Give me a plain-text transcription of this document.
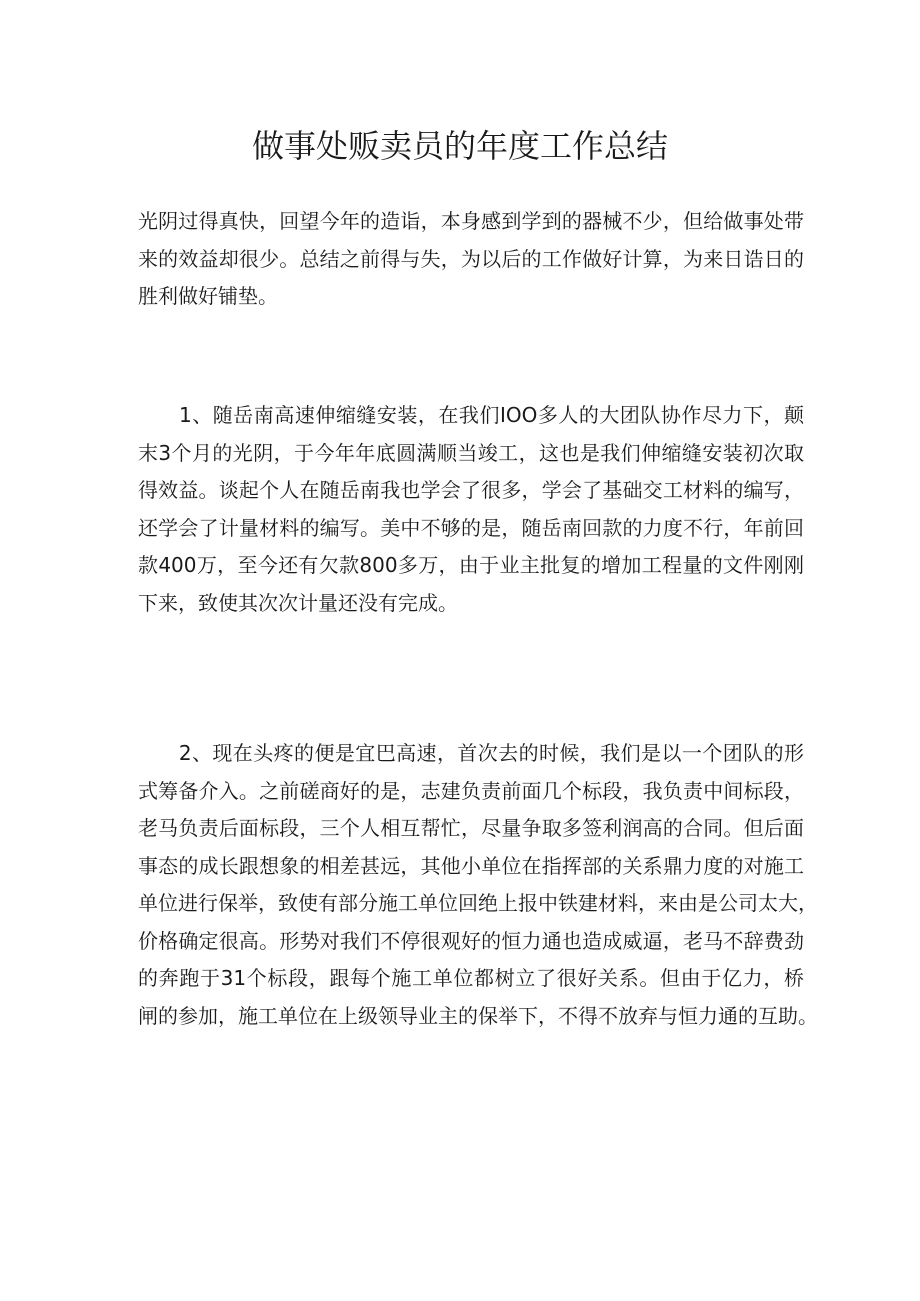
做事处贩卖员的年度工作总结
光阴过得真快，回望今年的造诣，本身感到学到的器械不少，但给做事处带
来的效益却很少。总结之前得与失，为以后的工作做好计算，为来日诰日的
胜利做好铺垫。
　　1、随岳南高速伸缩缝安装，在我们IOO多人的大团队协作尽力下，颠
末3个月的光阴，于今年年底圆满顺当竣工，这也是我们伸缩缝安装初次取
得效益。谈起个人在随岳南我也学会了很多，学会了基础交工材料的编写，
还学会了计量材料的编写。美中不够的是，随岳南回款的力度不行，年前回
款400万，至今还有欠款800多万，由于业主批复的增加工程量的文件刚刚
下来，致使其次次计量还没有完成。
　　2、现在头疼的便是宜巴高速，首次去的时候，我们是以一个团队的形
式筹备介入。之前磋商好的是，志建负责前面几个标段，我负责中间标段，
老马负责后面标段，三个人相互帮忙，尽量争取多签利润高的合同。但后面
事态的成长跟想象的相差甚远，其他小单位在指挥部的关系鼎力度的对施工
单位进行保举，致使有部分施工单位回绝上报中铁建材料，来由是公司太大，
价格确定很高。形势对我们不停很观好的恒力通也造成威逼，老马不辞费劲
的奔跑于31个标段，跟每个施工单位都树立了很好关系。但由于亿力，桥
闸的参加，施工单位在上级领导业主的保举下，不得不放弃与恒力通的互助。
